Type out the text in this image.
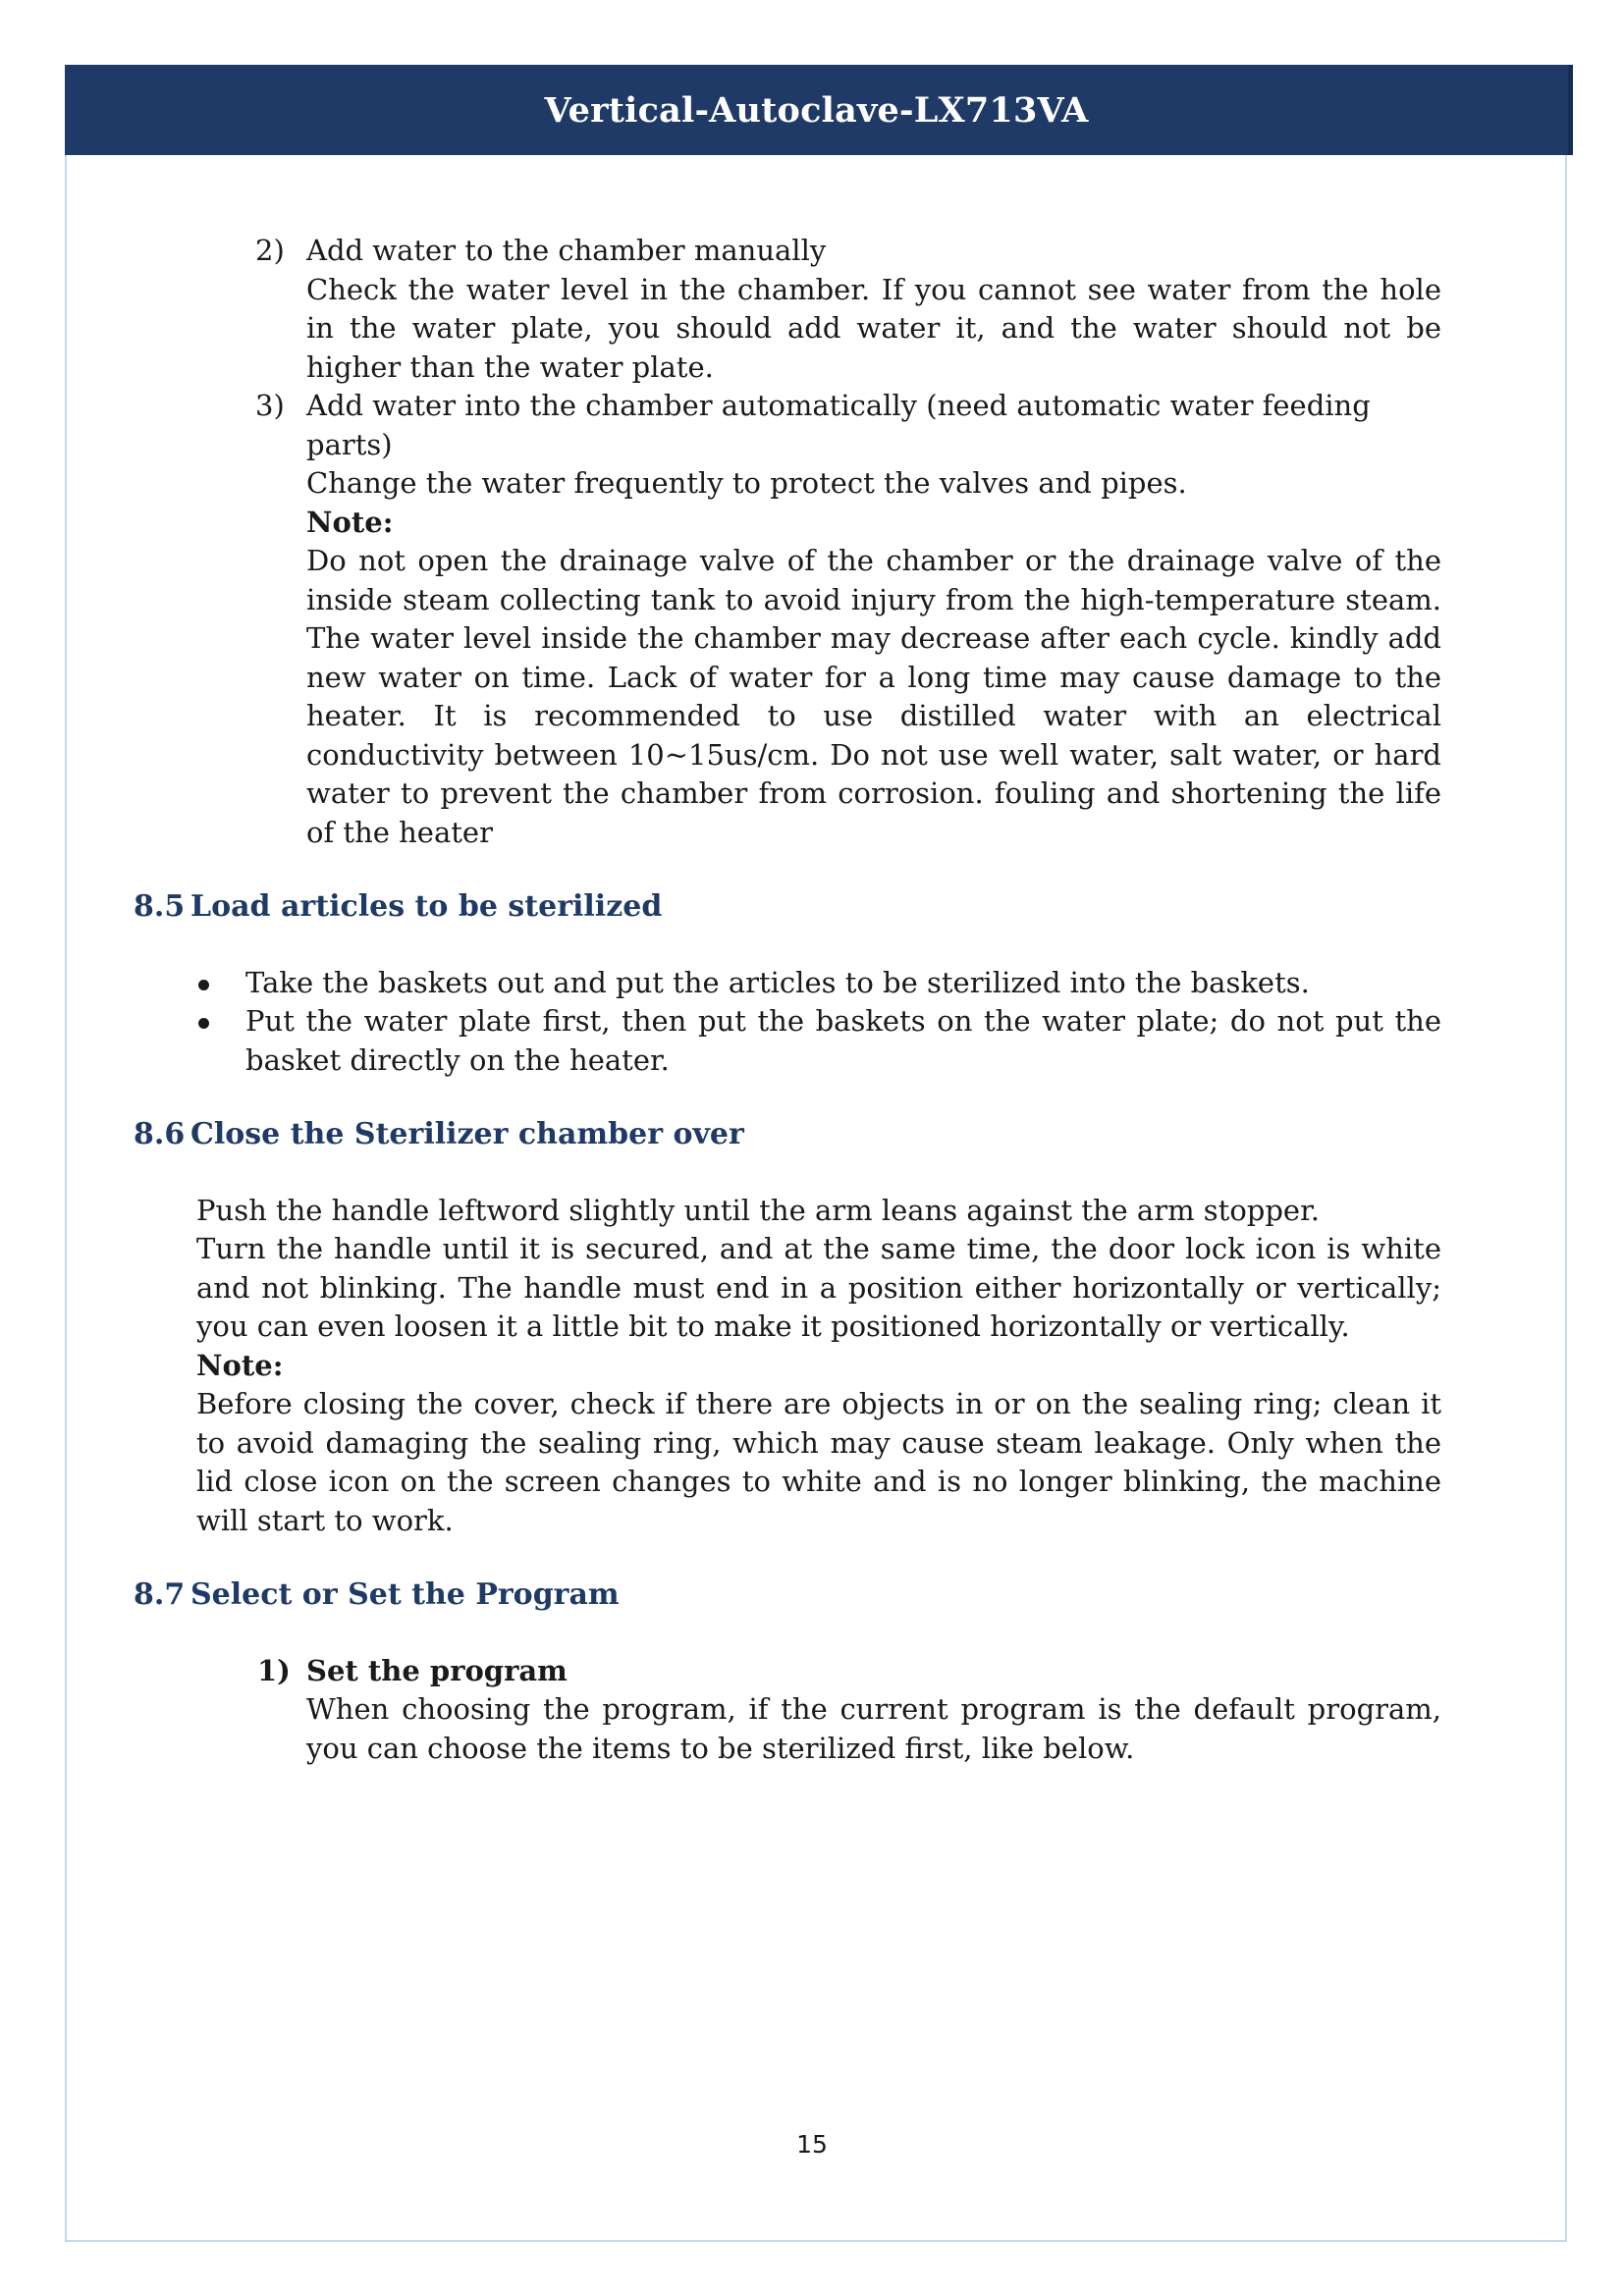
Vertical-Autoclave-LX713VA

2) Add water to the chamber manually

Check the water level in the chamber. If you cannot see water from the hole in the water plate, you should add water it, and the water should not be higher than the water plate.

3) Add water into the chamber automatically (need automatic water feeding parts)

Change the water frequently to protect the valves and pipes.

Note:

Do not open the drainage valve of the chamber or the drainage valve of the inside steam collecting tank to avoid injury from the high-temperature steam. The water level inside the chamber may decrease after each cycle. kindly add new water on time. Lack of water for a long time may cause damage to the heater. It is recommended to use distilled water with an electrical conductivity between 10~15us/cm. Do not use well water, salt water, or hard water to prevent the chamber from corrosion. fouling and shortening the life of the heater

8.5 Load articles to be sterilized

Take the baskets out and put the articles to be sterilized into the baskets.
Put the water plate first, then put the baskets on the water plate; do not put the basket directly on the heater.

8.6 Close the Sterilizer chamber over

Push the handle leftword slightly until the arm leans against the arm stopper.

Turn the handle until it is secured, and at the same time, the door lock icon is white and not blinking. The handle must end in a position either horizontally or vertically; you can even loosen it a little bit to make it positioned horizontally or vertically.

Note:

Before closing the cover, check if there are objects in or on the sealing ring; clean it to avoid damaging the sealing ring, which may cause steam leakage. Only when the lid close icon on the screen changes to white and is no longer blinking, the machine will start to work.

8.7 Select or Set the Program

1) Set the program

When choosing the program, if the current program is the default program, you can choose the items to be sterilized first, like below.

15
